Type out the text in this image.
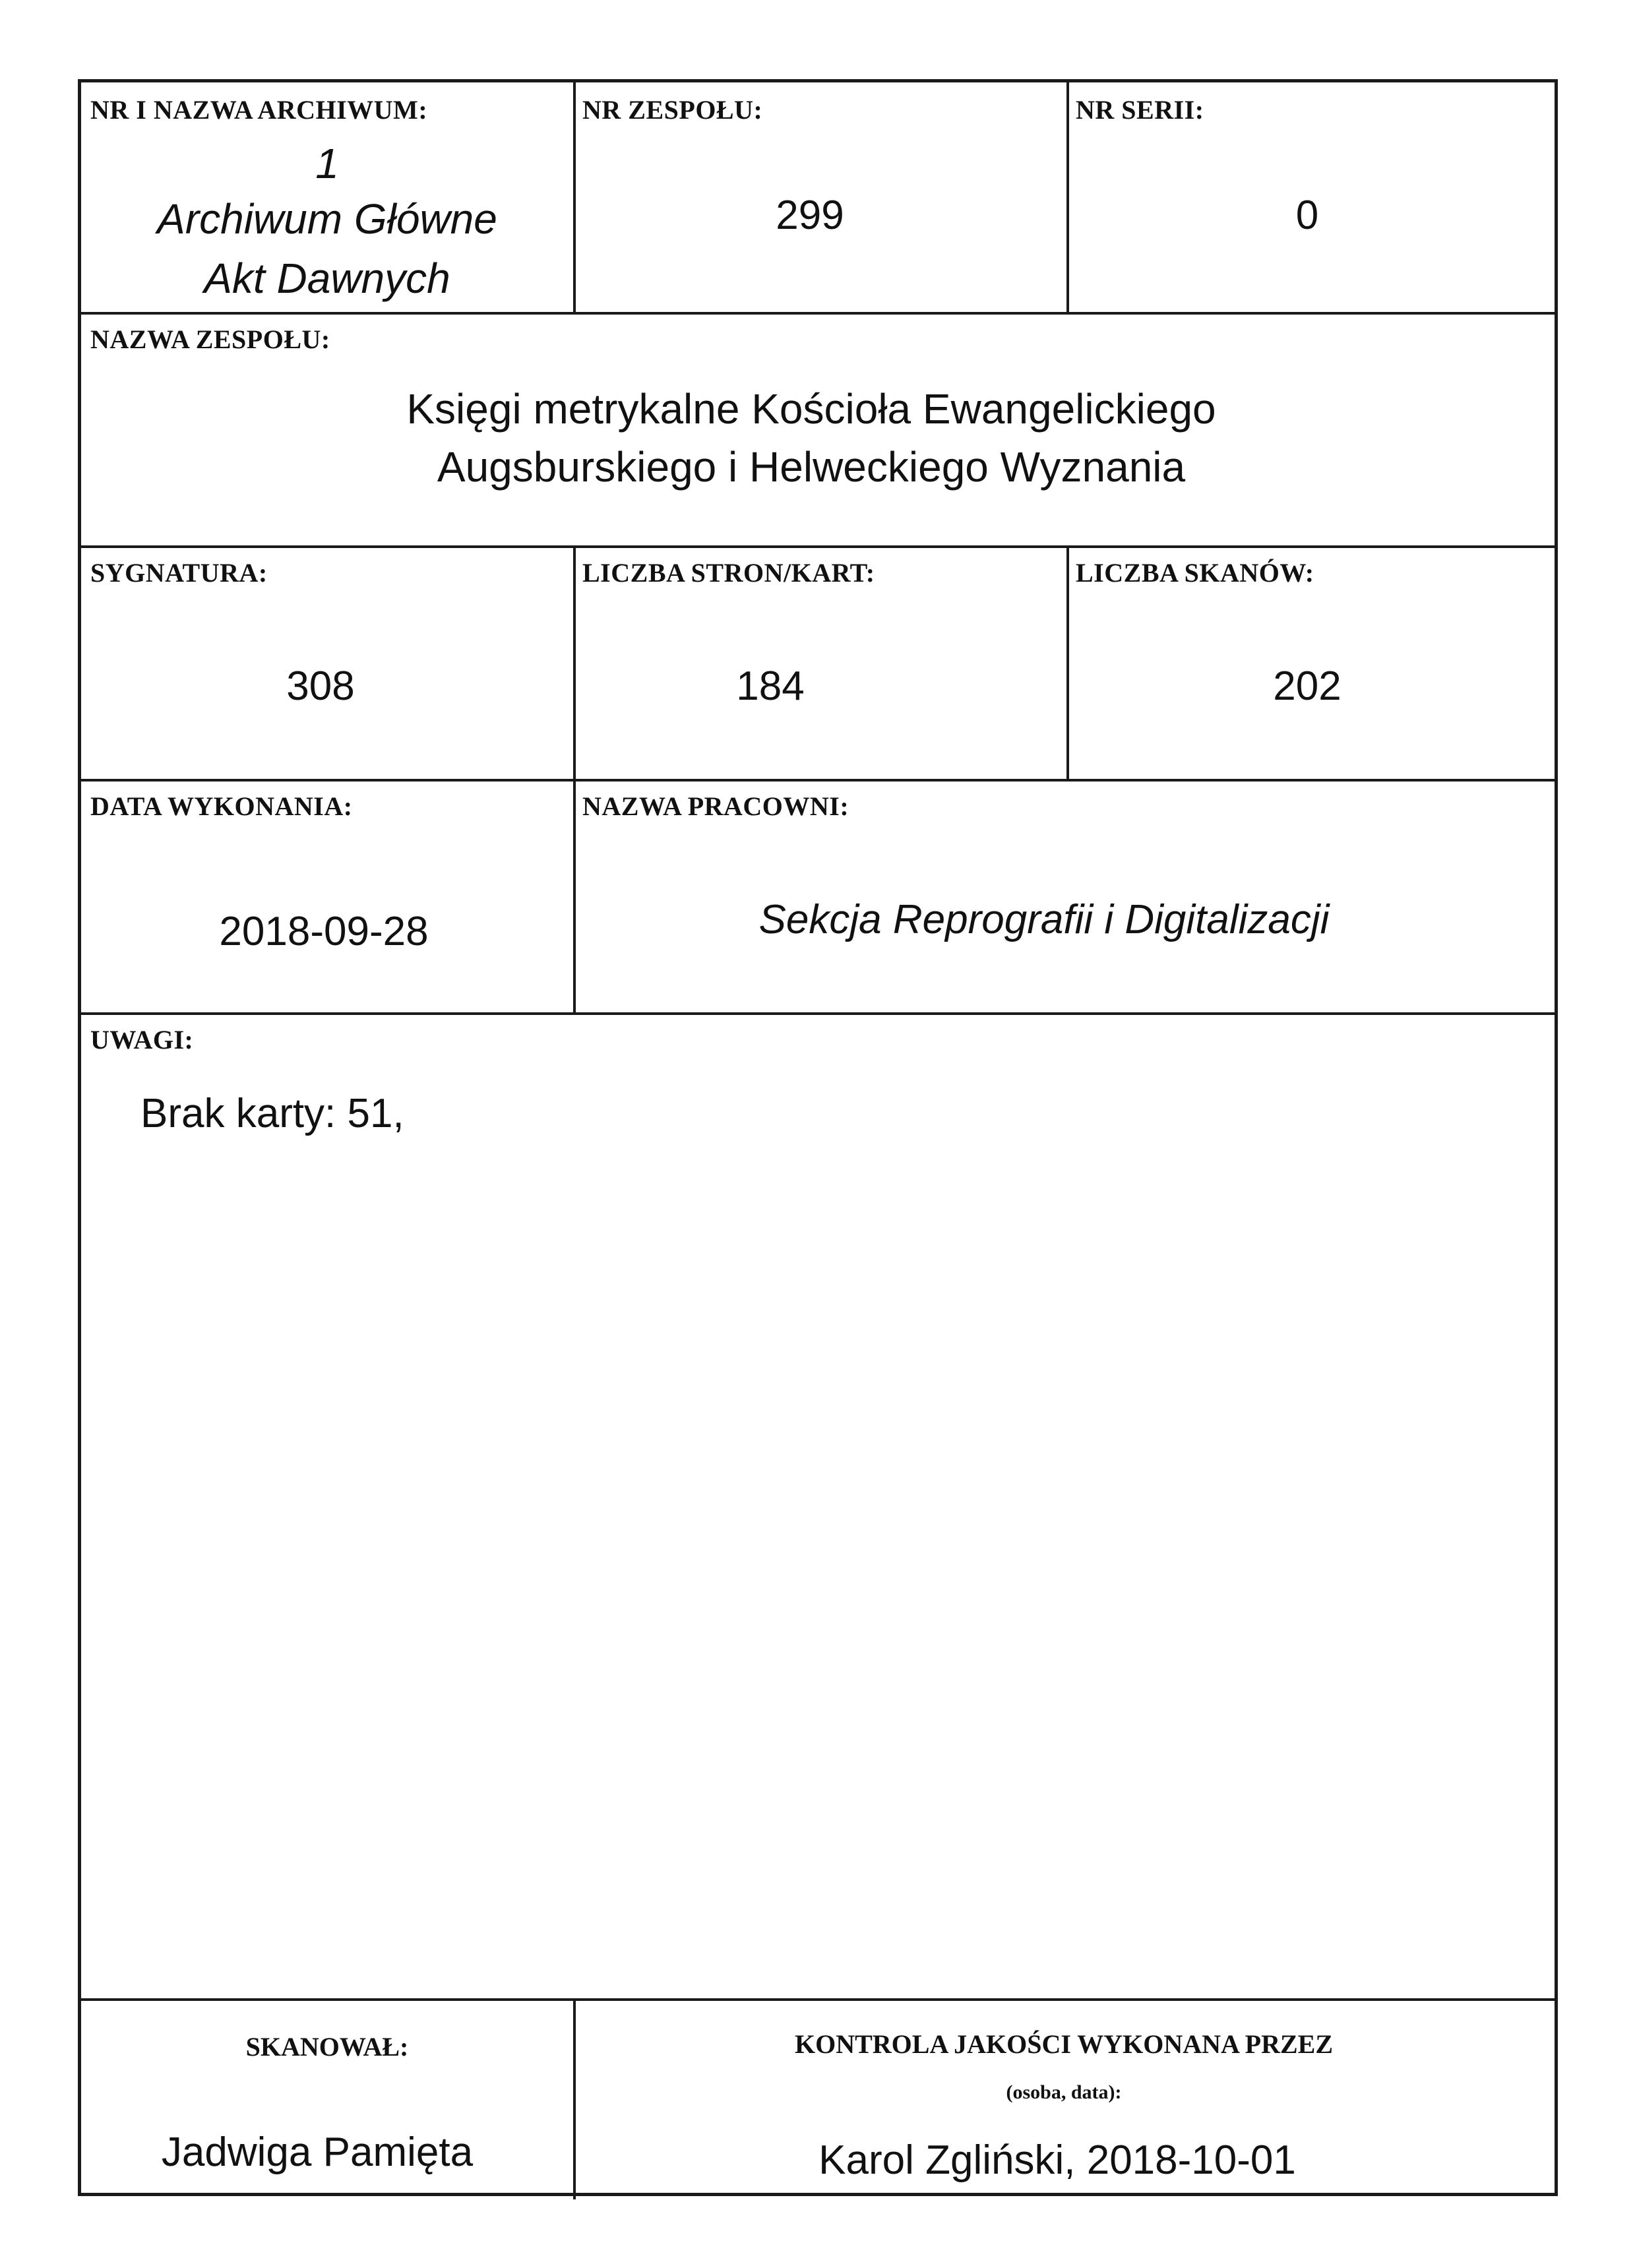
NR I NAZWA ARCHIWUM:
1
Archiwum Główne
Akt Dawnych
NR ZESPOŁU:
299
NR SERII:
0
NAZWA ZESPOŁU:
Księgi metrykalne Kościoła Ewangelickiego
Augsburskiego i Helweckiego Wyznania
SYGNATURA:
308
LICZBA STRON/KART:
184
LICZBA SKANÓW:
202
DATA WYKONANIA:
2018-09-28
NAZWA PRACOWNI:
Sekcja Reprografii i Digitalizacji
UWAGI:
Brak karty: 51,
SKANOWAŁ:
Jadwiga Pamięta
KONTROLA JAKOŚCI WYKONANA PRZEZ
(osoba, data):
Karol Zgliński, 2018-10-01
